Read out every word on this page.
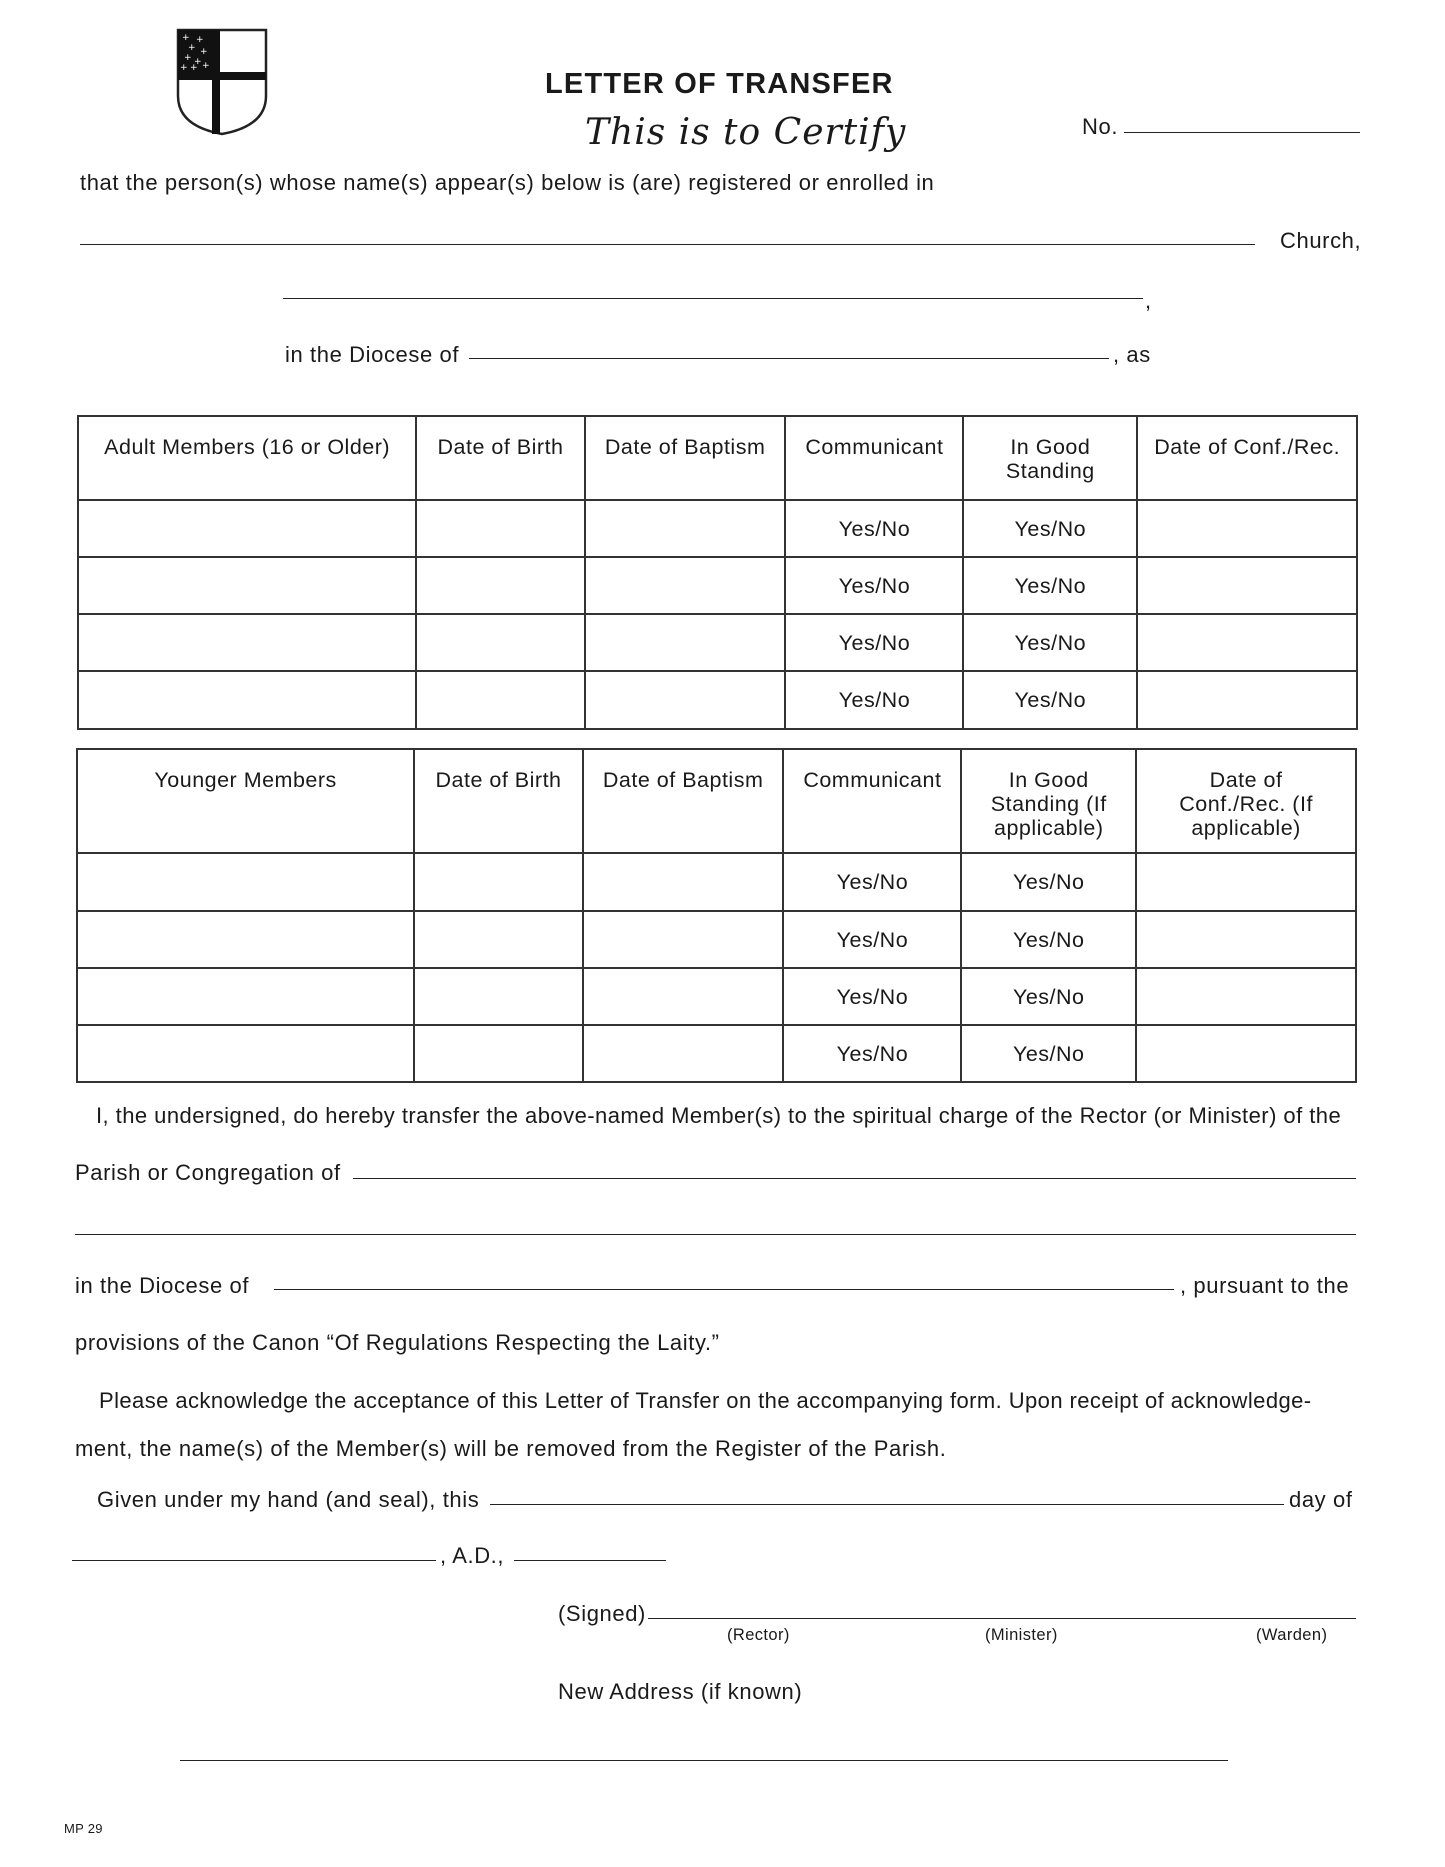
+ +
+ +
+ + +
+ +	LETTER OF TRANSFER
This is to Certify	No.
that the person(s) whose name(s) appear(s) below is (are) registered or enrolled in
Church,
,
in the Diocese of	, as
Adult Members (16 or Older)	Date of Birth	Date of Baptism	Communicant	In Good Standing	Date of Conf./Rec.
			Yes/No	Yes/No	
			Yes/No	Yes/No	
			Yes/No	Yes/No	
			Yes/No	Yes/No	
Younger Members	Date of Birth	Date of Baptism	Communicant	In Good Standing (If applicable)	Date of Conf./Rec. (If applicable)
			Yes/No	Yes/No	
			Yes/No	Yes/No	
			Yes/No	Yes/No	
			Yes/No	Yes/No	
I, the undersigned, do hereby transfer the above-named Member(s) to the spiritual charge of the Rector (or Minister) of the
Parish or Congregation of
in the Diocese of	, pursuant to the
provisions of the Canon “Of Regulations Respecting the Laity.”
Please acknowledge the acceptance of this Letter of Transfer on the accompanying form. Upon receipt of acknowledge-
ment, the name(s) of the Member(s) will be removed from the Register of the Parish.
Given under my hand (and seal), this	day of
, A.D.,
(Signed)
(Rector)	(Minister)	(Warden)
New Address (if known)
MP 29
